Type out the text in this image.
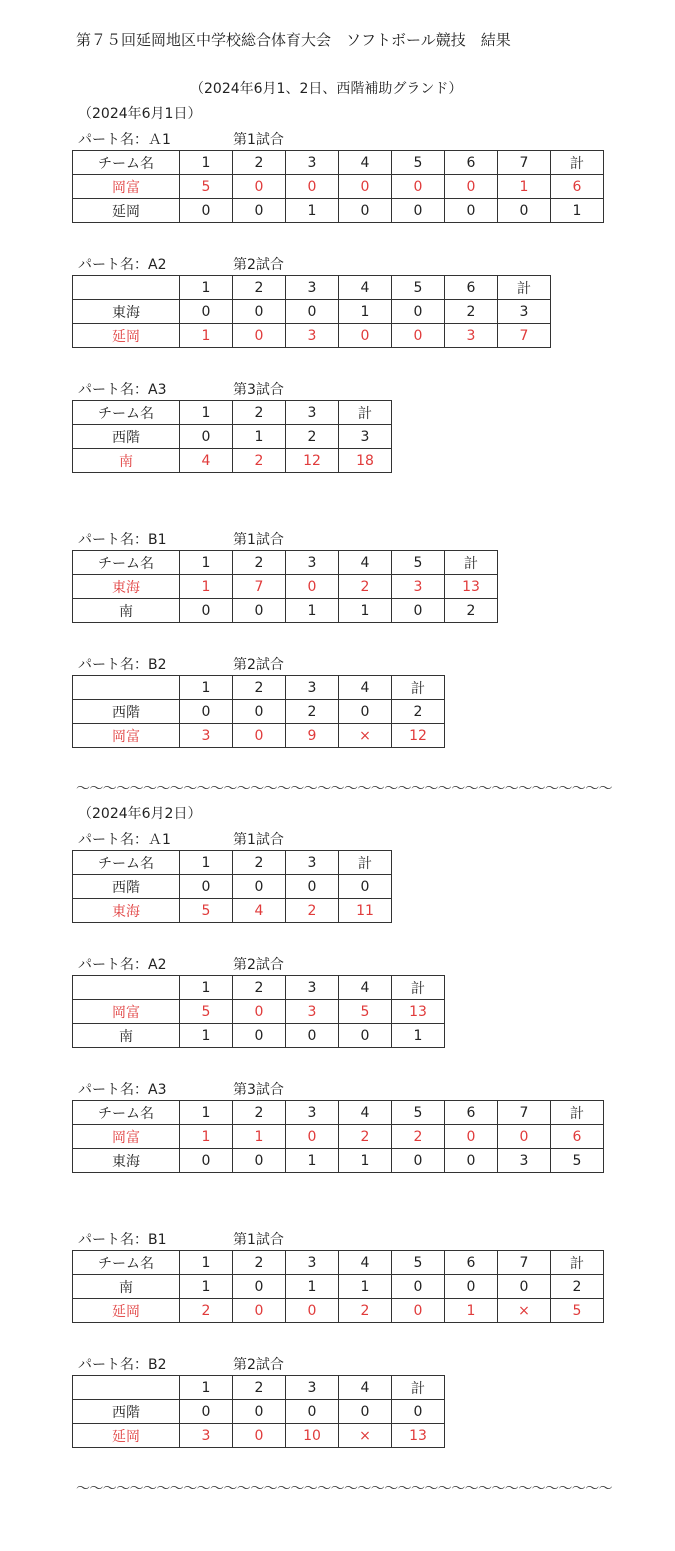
第７５回延岡地区中学校総合体育大会　ソフトボール競技　結果
（2024年6月1、2日、西階補助グランド）
（2024年6月1日）
パート名：Ａ1	第1試合
チーム名	1	2	3	4	5	6	7	計
岡富	5	0	0	0	0	0	1	6
延岡	0	0	1	0	0	0	0	1
パート名：A2	第2試合
	1	2	3	4	5	6	計
東海	0	0	0	1	0	2	3
延岡	1	0	3	0	0	3	7
パート名：A3	第3試合
チーム名	1	2	3	計
西階	0	1	2	3
南	4	2	12	18
パート名：B1	第1試合
チーム名	1	2	3	4	5	計
東海	1	7	0	2	3	13
南	0	0	1	1	0	2
パート名：B2	第2試合
	1	2	3	4	計
西階	0	0	2	0	2
岡富	3	0	9	×	12
〜〜〜〜〜〜〜〜〜〜〜〜〜〜〜〜〜〜〜〜〜〜〜〜〜〜〜〜〜〜〜〜〜〜〜〜〜〜〜〜
（2024年6月2日）
パート名：Ａ1	第1試合
チーム名	1	2	3	計
西階	0	0	0	0
東海	5	4	2	11
パート名：A2	第2試合
	1	2	3	4	計
岡富	5	0	3	5	13
南	1	0	0	0	1
パート名：A3	第3試合
チーム名	1	2	3	4	5	6	7	計
岡富	1	1	0	2	2	0	0	6
東海	0	0	1	1	0	0	3	5
パート名：B1	第1試合
チーム名	1	2	3	4	5	6	7	計
南	1	0	1	1	0	0	0	2
延岡	2	0	0	2	0	1	×	5
パート名：B2	第2試合
	1	2	3	4	計
西階	0	0	0	0	0
延岡	3	0	10	×	13
〜〜〜〜〜〜〜〜〜〜〜〜〜〜〜〜〜〜〜〜〜〜〜〜〜〜〜〜〜〜〜〜〜〜〜〜〜〜〜〜
